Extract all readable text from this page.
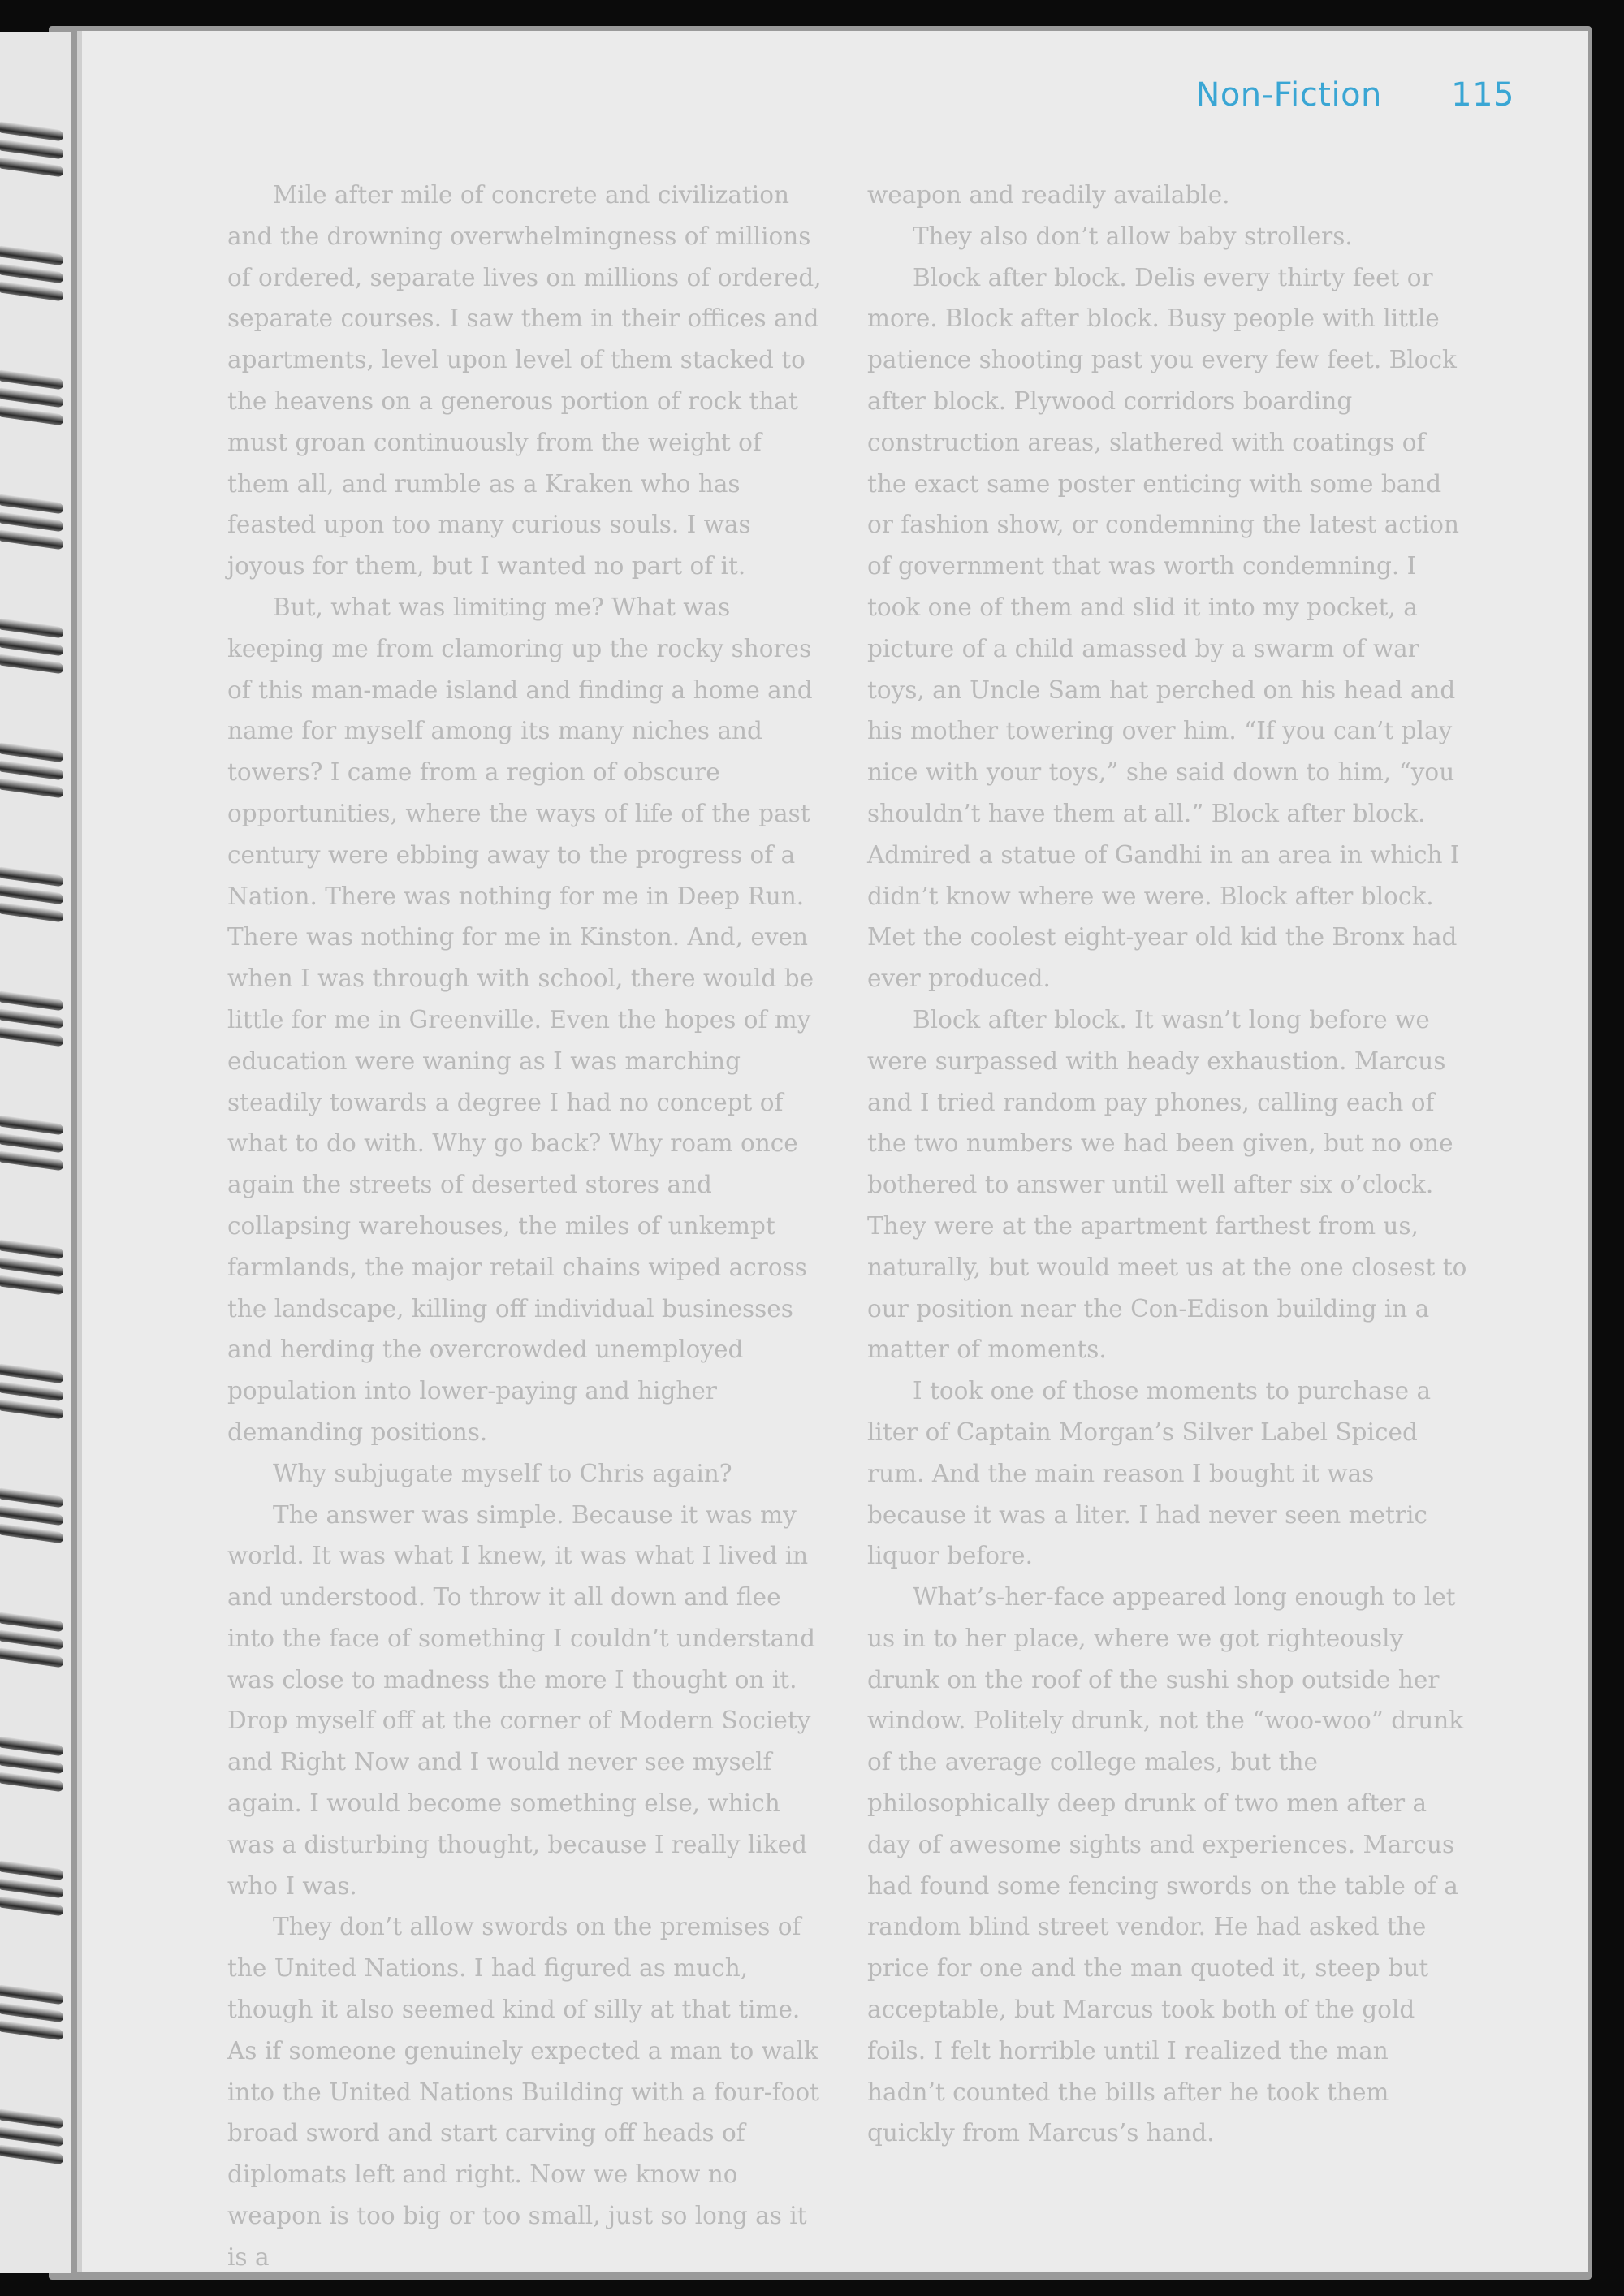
Non-Fiction 115

Mile after mile of concrete and civilization and the drowning overwhelmingness of millions of ordered, separate lives on millions of ordered, separate courses. I saw them in their offices and apartments, level upon level of them stacked to the heavens on a generous portion of rock that must groan continuously from the weight of them all, and rumble as a Kraken who has feasted upon too many curious souls. I was joyous for them, but I wanted no part of it.

But, what was limiting me? What was keeping me from clamoring up the rocky shores of this man-made island and finding a home and name for myself among its many niches and towers? I came from a region of obscure opportunities, where the ways of life of the past century were ebbing away to the progress of a Nation. There was nothing for me in Deep Run. There was nothing for me in Kinston. And, even when I was through with school, there would be little for me in Greenville. Even the hopes of my education were waning as I was marching steadily towards a degree I had no concept of what to do with. Why go back? Why roam once again the streets of deserted stores and collapsing warehouses, the miles of unkempt farmlands, the major retail chains wiped across the landscape, killing off individual businesses and herding the overcrowded unemployed population into lower-paying and higher demanding positions.

Why subjugate myself to Chris again?

The answer was simple. Because it was my world. It was what I knew, it was what I lived in and understood. To throw it all down and flee into the face of something I couldn’t understand was close to madness the more I thought on it. Drop myself off at the corner of Modern Society and Right Now and I would never see myself again. I would become something else, which was a disturbing thought, because I really liked who I was.

They don’t allow swords on the premises of the United Nations. I had figured as much, though it also seemed kind of silly at that time. As if someone genuinely expected a man to walk into the United Nations Building with a four-foot broad sword and start carving off heads of diplomats left and right. Now we know no weapon is too big or too small, just so long as it is a

weapon and readily available.

They also don’t allow baby strollers.

Block after block. Delis every thirty feet or more. Block after block. Busy people with little patience shooting past you every few feet. Block after block. Plywood corridors boarding construction areas, slathered with coatings of the exact same poster enticing with some band or fashion show, or condemning the latest action of government that was worth condemning. I took one of them and slid it into my pocket, a picture of a child amassed by a swarm of war toys, an Uncle Sam hat perched on his head and his mother towering over him. “If you can’t play nice with your toys,” she said down to him, “you shouldn’t have them at all.” Block after block. Admired a statue of Gandhi in an area in which I didn’t know where we were. Block after block. Met the coolest eight-year old kid the Bronx had ever produced.

Block after block. It wasn’t long before we were surpassed with heady exhaustion. Marcus and I tried random pay phones, calling each of the two numbers we had been given, but no one bothered to answer until well after six o’clock. They were at the apartment farthest from us, naturally, but would meet us at the one closest to our position near the Con-Edison building in a matter of moments.

I took one of those moments to purchase a liter of Captain Morgan’s Silver Label Spiced rum. And the main reason I bought it was because it was a liter. I had never seen metric liquor before.

What’s-her-face appeared long enough to let us in to her place, where we got righteously drunk on the roof of the sushi shop outside her window. Politely drunk, not the “woo-woo” drunk of the average college males, but the philosophically deep drunk of two men after a day of awesome sights and experiences. Marcus had found some fencing swords on the table of a random blind street vendor. He had asked the price for one and the man quoted it, steep but acceptable, but Marcus took both of the gold foils. I felt horrible until I realized the man hadn’t counted the bills after he took them quickly from Marcus’s hand.
